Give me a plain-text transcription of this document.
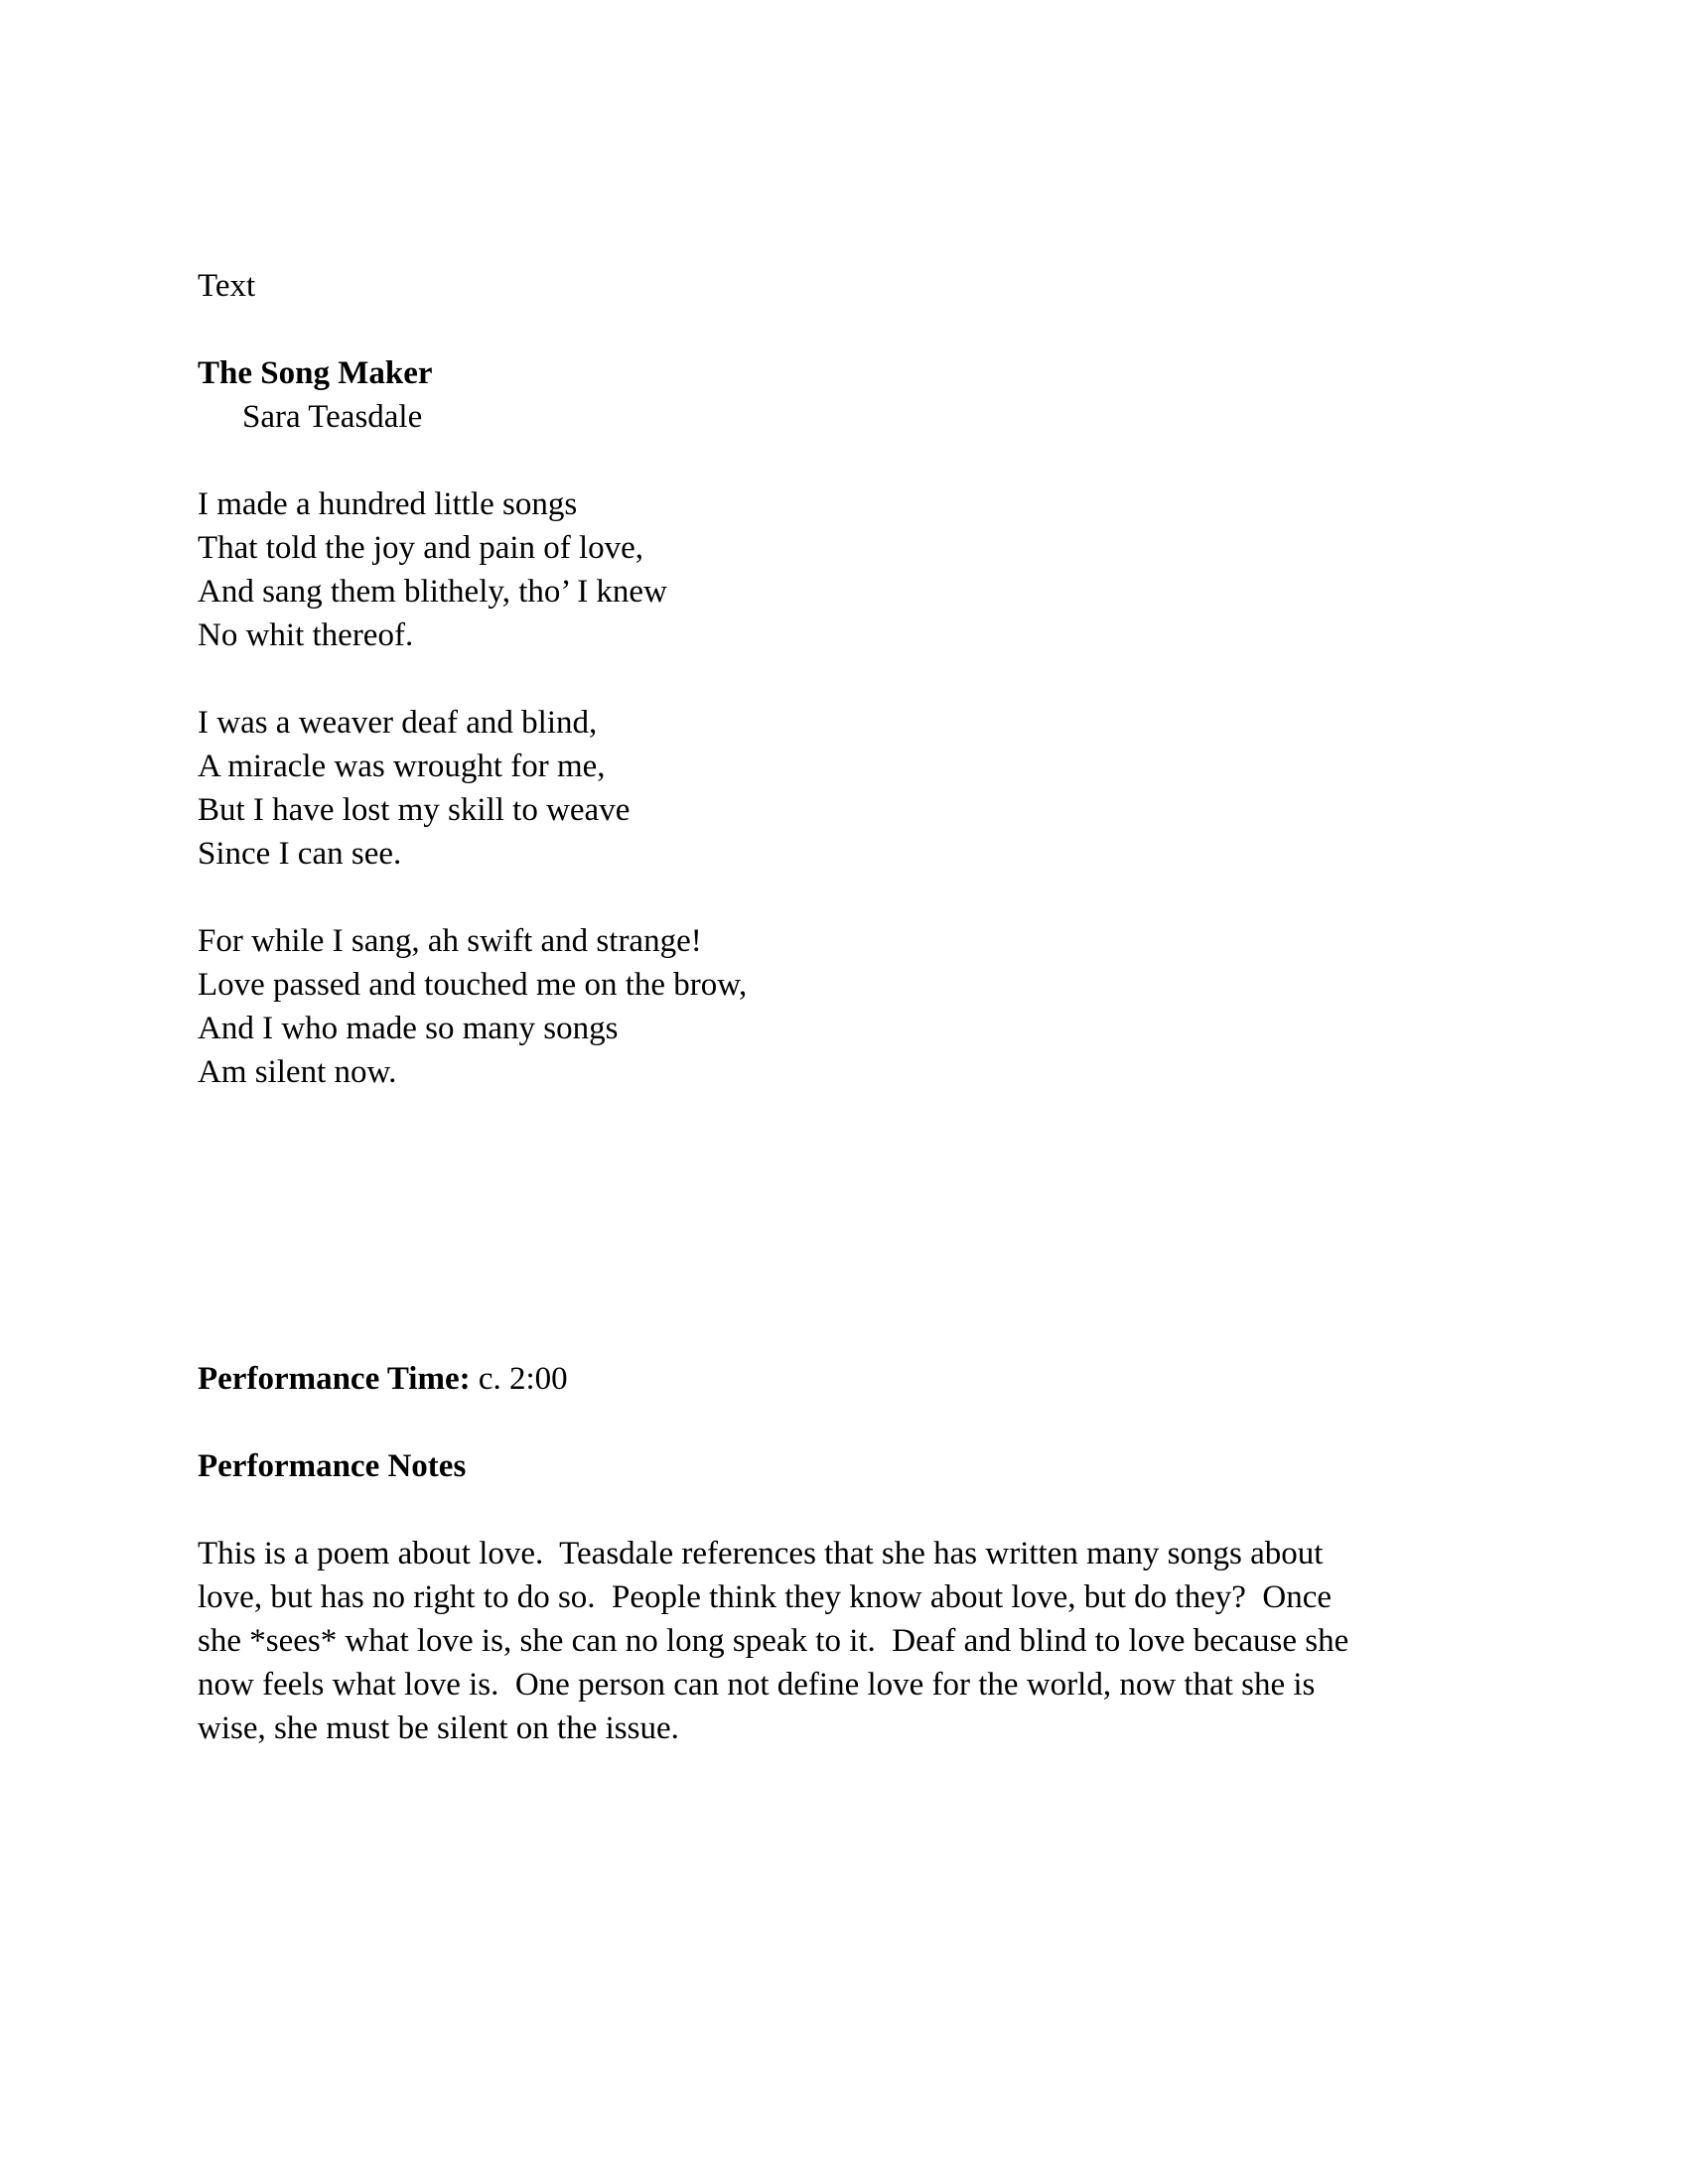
Text
The Song Maker
Sara Teasdale
I made a hundred little songs
That told the joy and pain of love,
And sang them blithely, tho’ I knew
No whit thereof.
I was a weaver deaf and blind,
A miracle was wrought for me,
But I have lost my skill to weave
Since I can see.
For while I sang, ah swift and strange!
Love passed and touched me on the brow,
And I who made so many songs
Am silent now.
Performance Time: c. 2:00
Performance Notes
This is a poem about love.  Teasdale references that she has written many songs about
love, but has no right to do so.  People think they know about love, but do they?  Once
she *sees* what love is, she can no long speak to it.  Deaf and blind to love because she
now feels what love is.  One person can not define love for the world, now that she is
wise, she must be silent on the issue.
